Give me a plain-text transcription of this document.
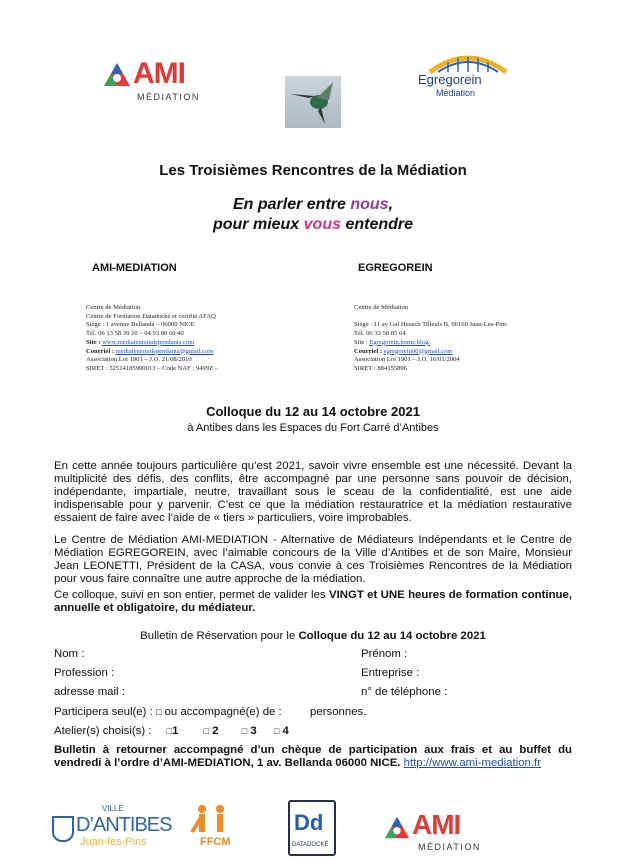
AMI
MÉDIATION
Egregorein
Médiation
Les Troisièmes Rencontres de la Médiation
En parler entre nous,
pour mieux vous entendre
AMI-MEDIATION	EGREGOREIN
Centre de Médiation
Centre de Formation Datadocké et certifié AFAQ
Siège : 1 avenue Bellanda – 06000 NICE
Tél. 06 13 58 39 20 – 04 93 80 60 40
Site : www.mediateursindependants.com
Courriel : mediateursindependants@gmail.com
Association Loi 1901 – J.O. 21/08/2010
SIRET : 52514185900013 – Code NAF : 9499Z -
Centre de Médiation
Siège : 11 av Gal Heusch Tilleuls B, 06160 Juan-Les-Pins
Tél. 06 33 58 85 64
Site : Egregorein.home.blog/
Courriel : egregorein06@gmail.com
Association Loi 1901 – J.O. 16/01/2004
SIRET : 884155896
Colloque du 12 au 14 octobre 2021
à Antibes dans les Espaces du Fort Carré d’Antibes
En cette année toujours particulière qu’est 2021, savoir vivre ensemble est une nécessité. Devant la multiplicité des défis, des conflits, être accompagné par une personne sans pouvoir de décision, indépendante, impartiale, neutre, travaillant sous le sceau de la confidentialité, est une aide indispensable pour y parvenir. C’est ce que la médiation restauratrice et la médiation restaurative essaient de faire avec l’aide de « tiers » particuliers, voire improbables.
Le Centre de Médiation AMI-MEDIATION - Alternative de Médiateurs Indépendants et le Centre de Médiation EGREGOREIN, avec l’aimable concours de la Ville d’Antibes et de son Maire, Monsieur Jean LEONETTI, Président de la CASA, vous convie à ces Troisièmes Rencontres de la Médiation pour vous faire connaître une autre approche de la médiation.
Ce colloque, suivi en son entier, permet de valider les VINGT et UNE heures de formation continue, annuelle et obligatoire, du médiateur.
Bulletin de Réservation pour le Colloque du 12 au 14 octobre 2021
Nom :	Prénom :
Profession :	Entreprise :
adresse mail :	n° de téléphone :
Participera seul(e) : □ ou accompagné(e) de : personnes.
Atelier(s) choisi(s) : □1	□ 2	□ 3 □ 4
Bulletin à retourner accompagné d’un chèque de participation aux frais et au buffet du vendredi à l’ordre d’AMI-MEDIATION, 1 av. Bellanda 06000 NICE. http://www.ami-mediation.fr
VILLE
D’ANTIBES
Juan-les-Pins	FFCM
Dd
DATADOCKÉ
AMI
MÉDIATION
